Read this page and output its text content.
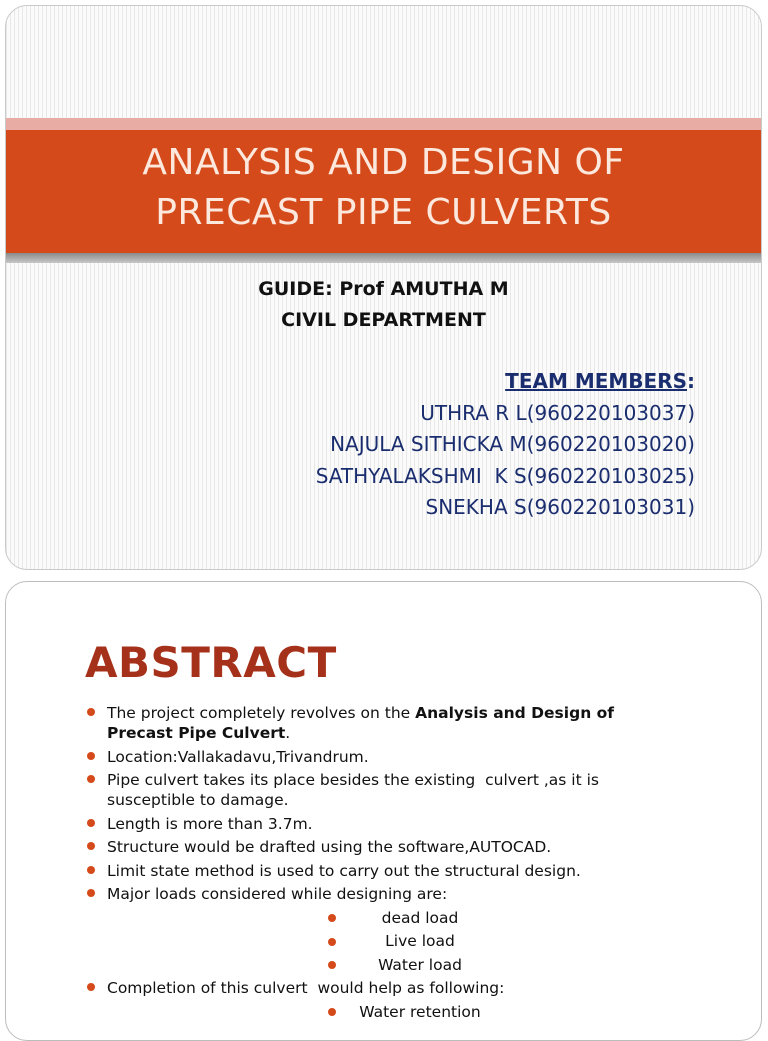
ANALYSIS AND DESIGN OF
PRECAST PIPE CULVERTS
GUIDE: Prof AMUTHA M
CIVIL DEPARTMENT
TEAM MEMBERS:
UTHRA R L(960220103037)
NAJULA SITHICKA M(960220103020)
SATHYALAKSHMI  K S(960220103025)
SNEKHA S(960220103031)
ABSTRACT
The project completely revolves on the Analysis and Design of Precast Pipe Culvert.
Location:Vallakadavu,Trivandrum.
Pipe culvert takes its place besides the existing  culvert ,as it is susceptible to damage.
Length is more than 3.7m.
Structure would be drafted using the software,AUTOCAD.
Limit state method is used to carry out the structural design.
Major loads considered while designing are:
dead load
Live load
Water load
Completion of this culvert  would help as following:
Water retention
